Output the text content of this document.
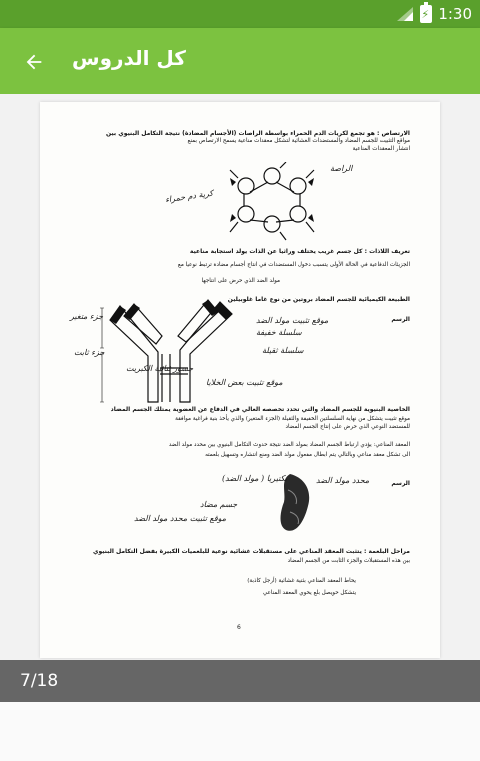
⚡ 1:30
كل الدروس
الارتصاص : هو تجمع لكريات الدم الحمراء بواسطة الراصات (الأجسام المضادة) نتيجة التكامل البنيوي بين
مواقع التثبيت للجسم المضاد والمستضدات الغشائية لتشكل معقدات مناعية يسمح الارتصاص بمنع
انتشار المعقدات المناعية
الراصة
كرية دم حمراء
تعريف اللاذات : كل جسم غريب يختلف وراثيا عن الذات يولد استجابة مناعية
الجزيئات الدفاعية في الحالة الأولى يتسبب دخول المستضدات في انتاج أجسام مضادة ترتبط نوعيا مع
مولد الضد الذي حرض على انتاجها
الطبيعة الكيميائية للجسم المضاد بروتين من نوع غاما غلوبيلين
الرسم
جزء متغير
جزء ثابت
موقع تثبيت مولد الضد
سلسلة خفيفة
سلسلة ثقيلة
جسور ثنائية الكبريت
موقع تثبيت بعض الخلايا
الخاصية البنيوية للجسم المضاد والتي تحدد تخصصه العالي في الدفاع عن العضوية يمتلك الجسم المضاد
موقع تثبيت يتشكل من نهاية السلسلتين الخفيفة والثقيلة (الجزء المتغير) والذي يأخذ بنية فراغية موافقة
للمستضد النوعي الذي حرض على إنتاج الجسم المضاد
المعقد المناعي: يؤدي ارتباط الجسم المضاد بمولد الضد نتيجة حدوث التكامل البنيوي بين محدد مولد الضد
الى تشكل معقد مناعي وبالتالي يتم ابطال مفعول مولد الضد ومنع انتشاره وتسهيل بلعمته
الرسم
محدد مولد الضد
بكتيريا ( مولد الضد)
جسم مضاد
موقع تثبيت محدد مولد الضد
مراحل البلعمة : يتثبت المعقد المناعي على مستقبلات غشائية نوعية للبلعميات الكبيرة بفضل التكامل البنيوي
بين هذه المستقبلات والجزء الثابت من الجسم المضاد
يحاط المعقد المناعي بثنية غشائية (أرجل كاذبة)
يتشكل حويصل بلع يحوي المعقد المناعي
6
7/18
